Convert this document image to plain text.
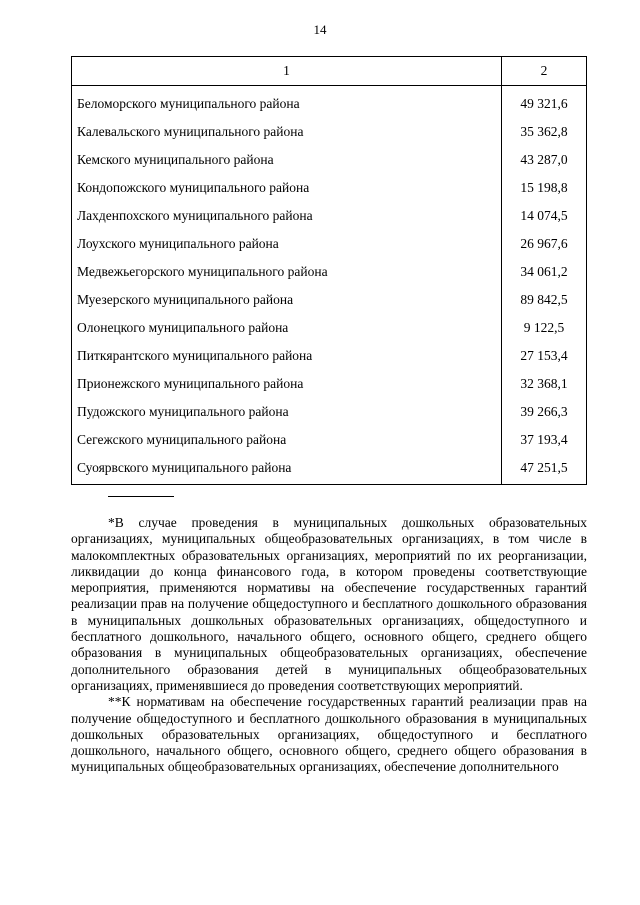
14
1	2
Беломорского муниципального района	49 321,6
Калевальского муниципального района	35 362,8
Кемского муниципального района	43 287,0
Кондопожского муниципального района	15 198,8
Лахденпохского муниципального района	14 074,5
Лоухского муниципального района	26 967,6
Медвежьегорского муниципального района	34 061,2
Муезерского муниципального района	89 842,5
Олонецкого муниципального района	9 122,5
Питкярантского муниципального района	27 153,4
Прионежского муниципального района	32 368,1
Пудожского муниципального района	39 266,3
Сегежского муниципального района	37 193,4
Суоярвского муниципального района	47 251,5

*В случае проведения в муниципальных дошкольных образовательных организациях, муниципальных общеобразовательных организациях, в том числе в малокомплектных образовательных организациях, мероприятий по их реорганизации, ликвидации до конца финансового года, в котором проведены соответствующие мероприятия, применяются нормативы на обеспечение государственных гарантий реализации прав на получение общедоступного и бесплатного дошкольного образования в муниципальных дошкольных образовательных организациях, общедоступного и бесплатного дошкольного, начального общего, основного общего, среднего общего образования в муниципальных общеобразовательных организациях, обеспечение дополнительного образования детей в муниципальных общеобразовательных организациях, применявшиеся до проведения соответствующих мероприятий.

**К нормативам на обеспечение государственных гарантий реализации прав на получение общедоступного и бесплатного дошкольного образования в муниципальных дошкольных образовательных организациях, общедоступного и бесплатного дошкольного, начального общего, основного общего, среднего общего образования в муниципальных общеобразовательных организациях, обеспечение дополнительного
